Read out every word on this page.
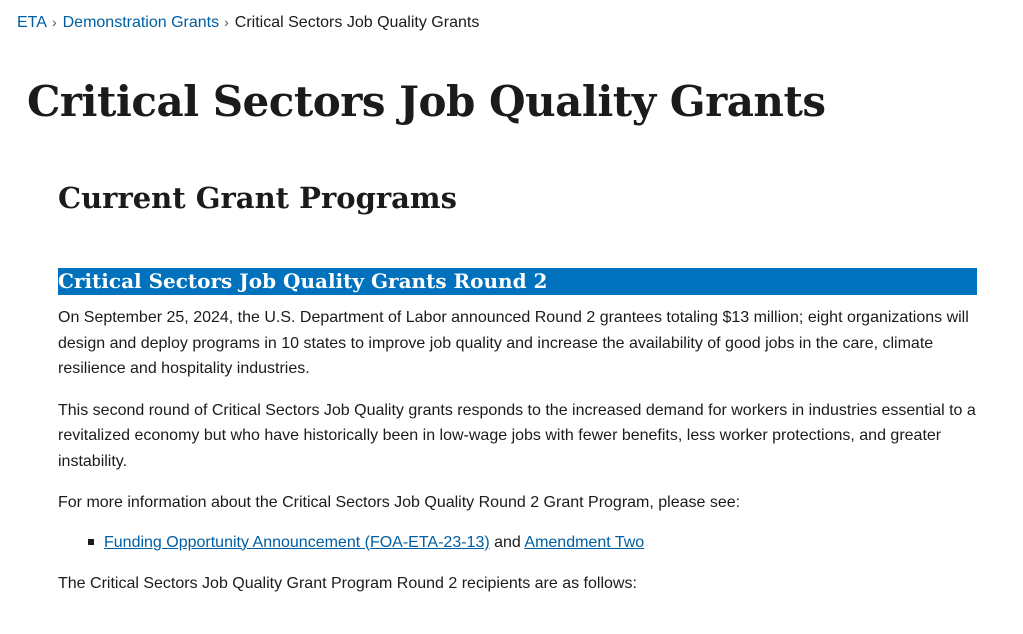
ETA › Demonstration Grants › Critical Sectors Job Quality Grants
Critical Sectors Job Quality Grants
Current Grant Programs
Critical Sectors Job Quality Grants Round 2

On September 25, 2024, the U.S. Department of Labor announced Round 2 grantees totaling $13 million; eight organizations will design and deploy programs in 10 states to improve job quality and increase the availability of good jobs in the care, climate resilience and hospitality industries.

This second round of Critical Sectors Job Quality grants responds to the increased demand for workers in industries essential to a revitalized economy but who have historically been in low-wage jobs with fewer benefits, less worker protections, and greater instability.

For more information about the Critical Sectors Job Quality Round 2 Grant Program, please see:

Funding Opportunity Announcement (FOA-ETA-23-13) and Amendment Two

The Critical Sectors Job Quality Grant Program Round 2 recipients are as follows:
